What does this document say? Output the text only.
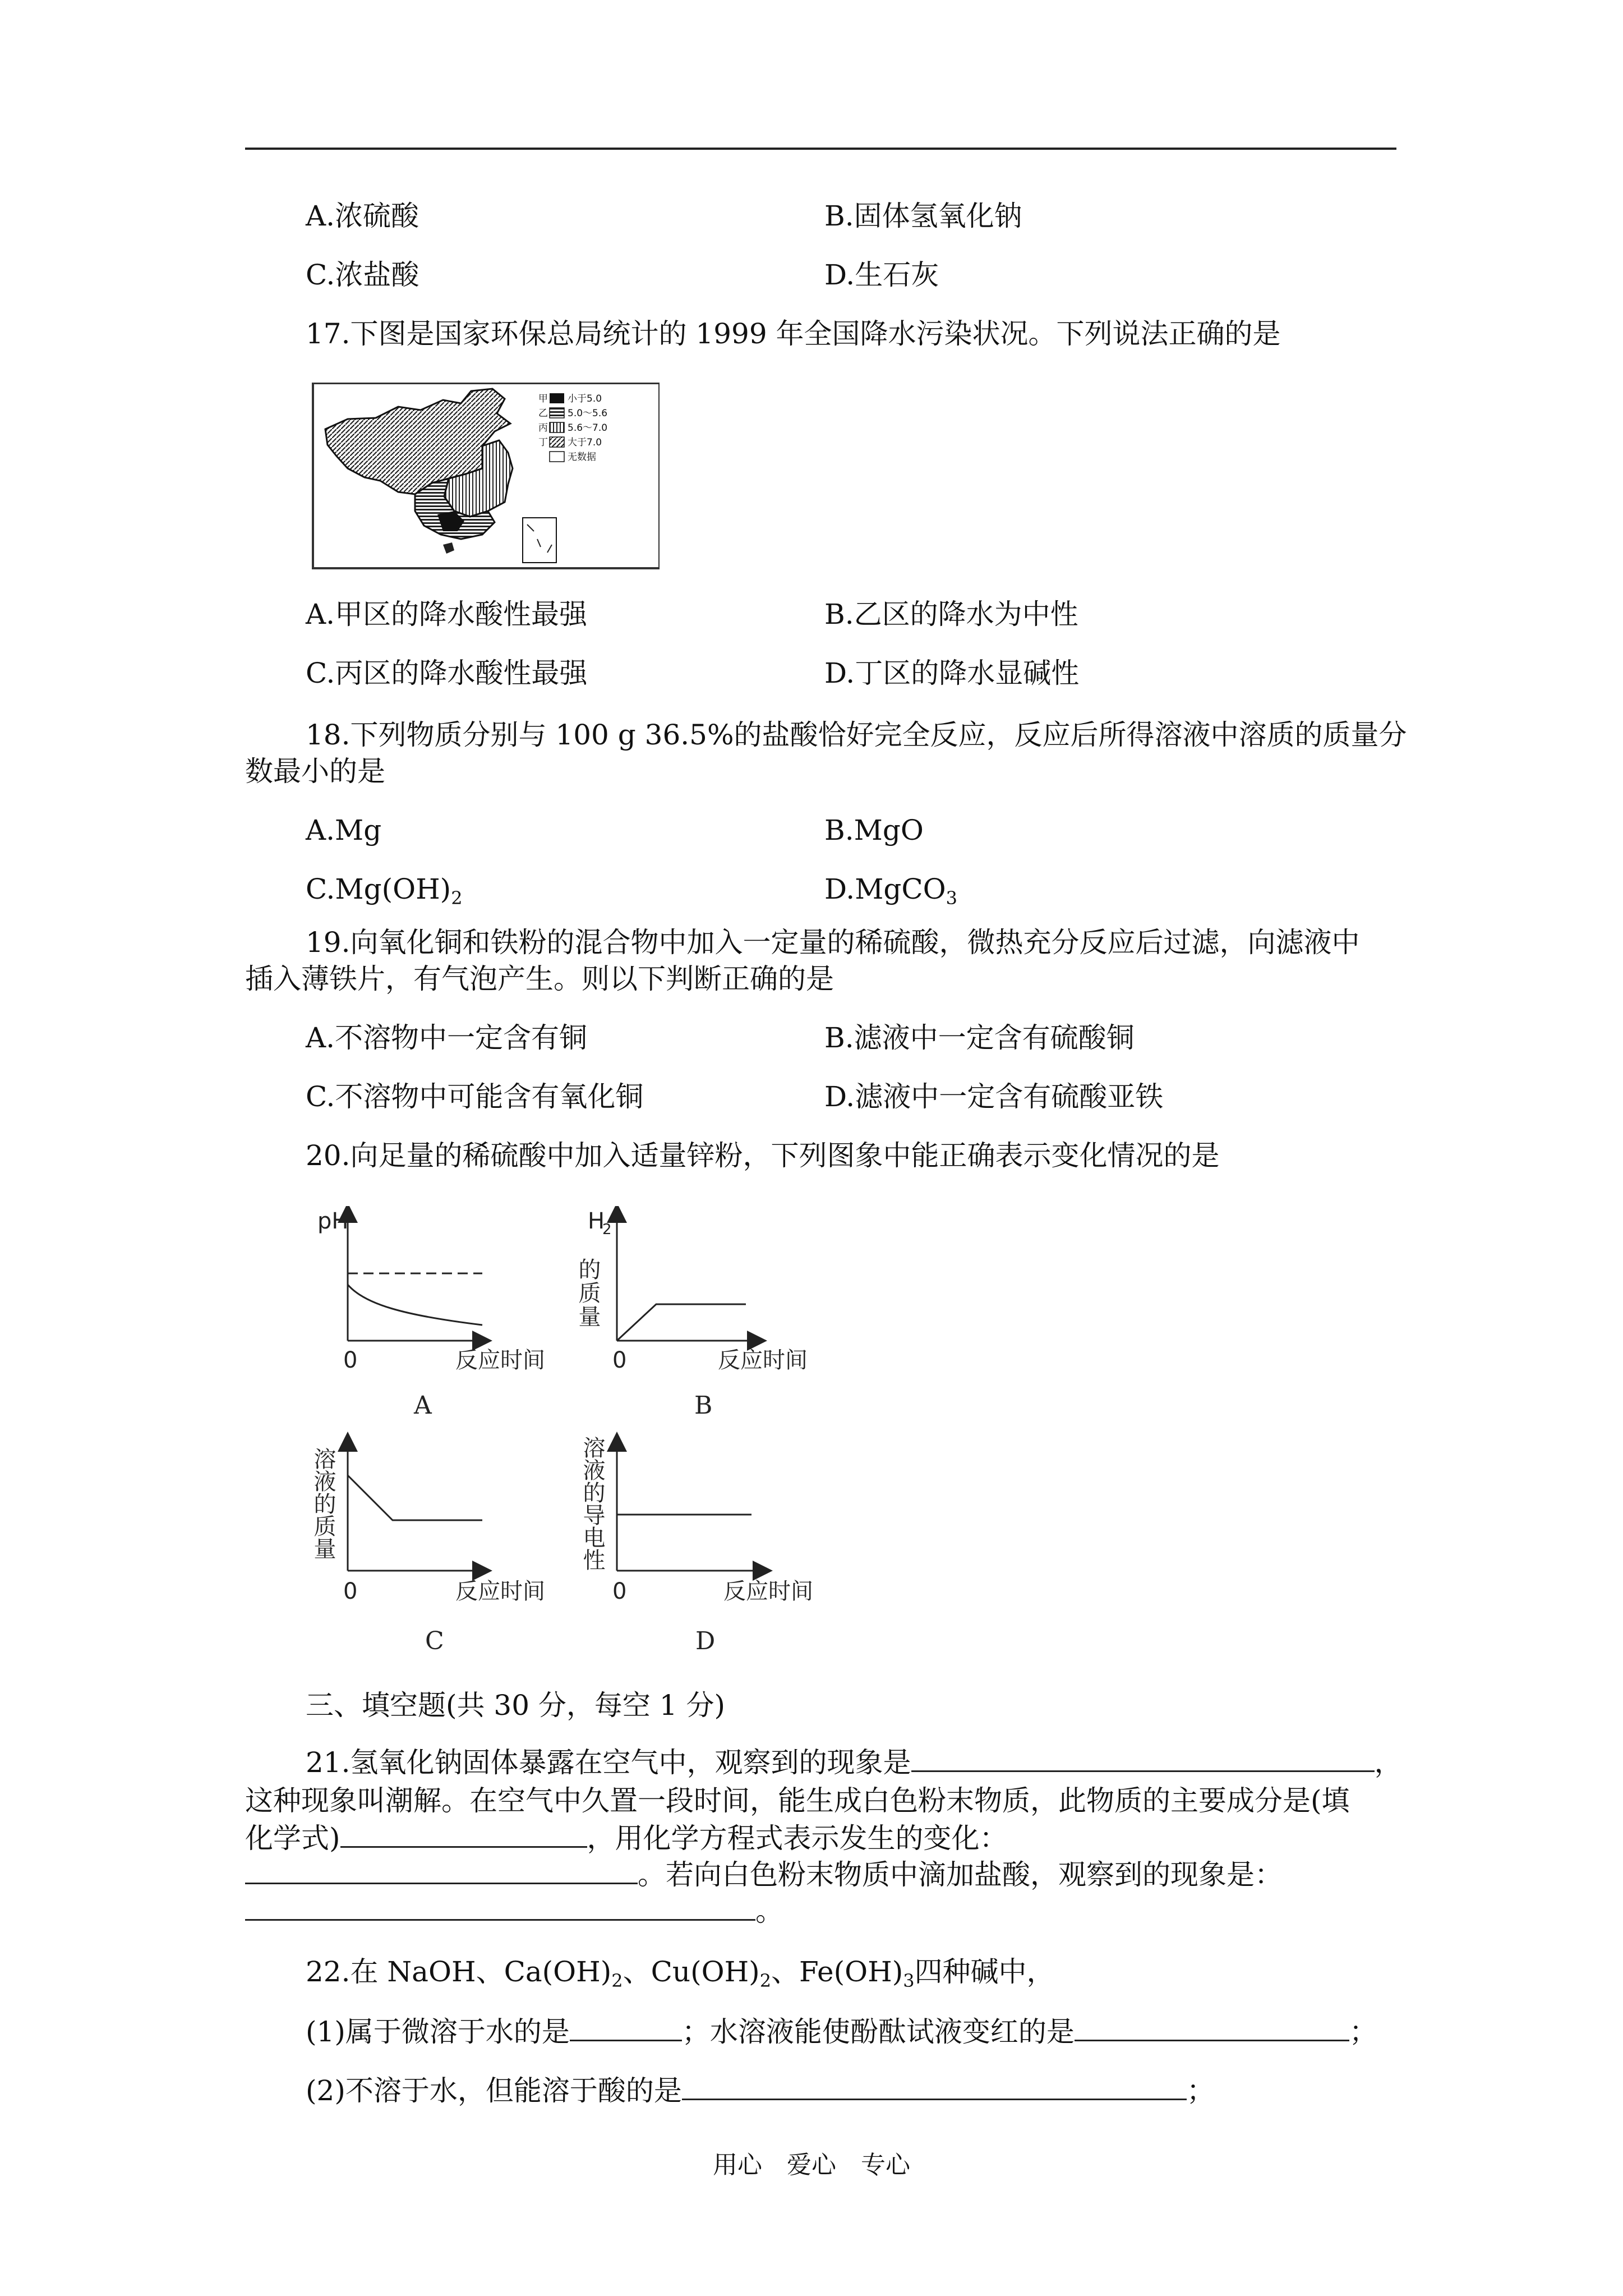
A.浓硫酸	B.固体氢氧化钠
C.浓盐酸	D.生石灰
17.下图是国家环保总局统计的 1999 年全国降水污染状况。下列说法正确的是
甲
乙
丙
丁
小于5.0
5.0～5.6
5.6～7.0
大于7.0
无数据
A.甲区的降水酸性最强	B.乙区的降水为中性
C.丙区的降水酸性最强	D.丁区的降水显碱性
18.下列物质分别与 100 g 36.5%的盐酸恰好完全反应，反应后所得溶液中溶质的质量分
数最小的是
A.Mg	B.MgO
$C.Mg(OH)_2$	D.MgCO$_3$
19.向氧化铜和铁粉的混合物中加入一定量的稀硫酸，微热充分反应后过滤，向滤液中
插入薄铁片，有气泡产生。则以下判断正确的是
A.不溶物中一定含有铜	B.滤液中一定含有硫酸铜
C.不溶物中可能含有氧化铜	D.滤液中一定含有硫酸亚铁
20.向足量的稀硫酸中加入适量锌粉，下列图象中能正确表示变化情况的是
pH
0	反应时间
A
H
2
的质量
0	反应时间
B
溶液的质量
0	反应时间
C
溶液的导电性
0	反应时间
D
三、填空题(共 30 分，每空 1 分)
21.氢氧化钠固体暴露在空气中，观察到的现象是	，
这种现象叫潮解。在空气中久置一段时间，能生成白色粉末物质，此物质的主要成分是(填
化学式)	，用化学方程式表示发生的变化：
。若向白色粉末物质中滴加盐酸，观察到的现象是：
。
22.在 NaOH、$Ca(OH)_2$、$Cu(OH)_2$、$Fe(OH)_3$四种碱中，
(1)属于微溶于水的是	；水溶液能使酚酞试液变红的是	；
(2)不溶于水，但能溶于酸的是	；
用心 爱心 专心
